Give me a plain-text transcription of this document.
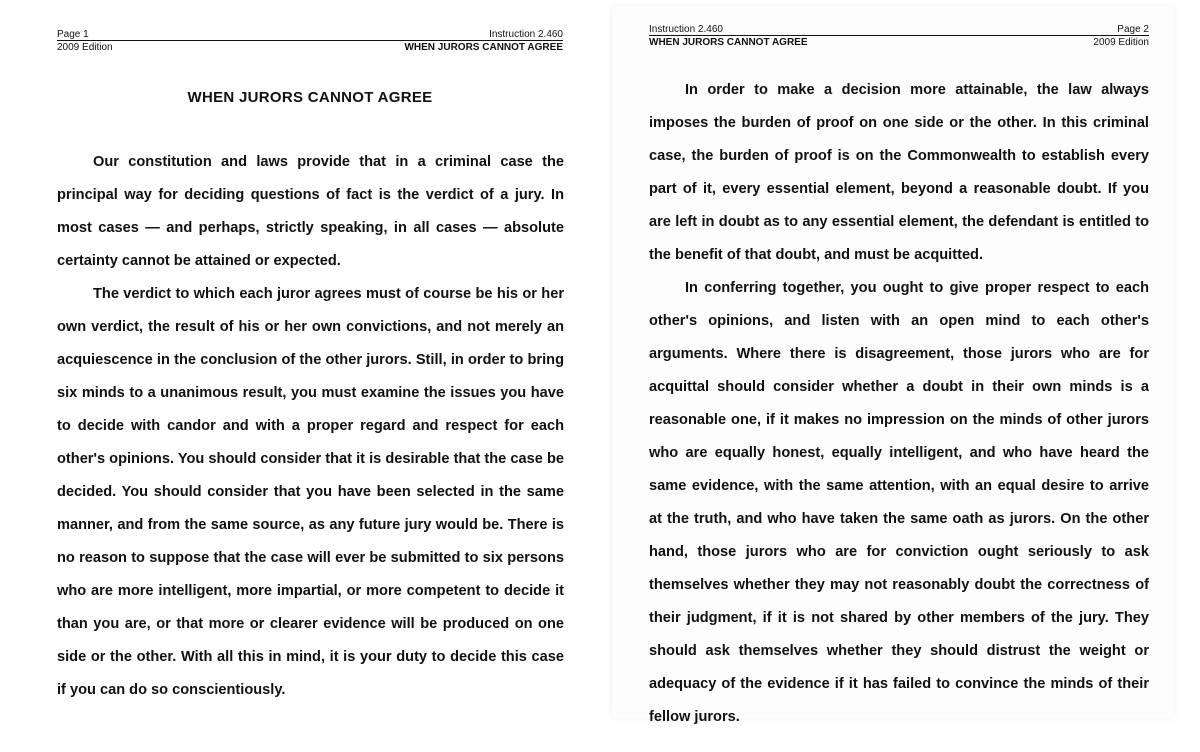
Page 1
2009 Edition
Instruction 2.460
WHEN JURORS CANNOT AGREE
WHEN JURORS CANNOT AGREE

Our constitution and laws provide that in a criminal case the principal way for deciding questions of fact is the verdict of a jury. In most cases — and perhaps, strictly speaking, in all cases — absolute certainty cannot be attained or expected.

The verdict to which each juror agrees must of course be his or her own verdict, the result of his or her own convictions, and not merely an acquiescence in the conclusion of the other jurors. Still, in order to bring six minds to a unanimous result, you must examine the issues you have to decide with candor and with a proper regard and respect for each other's opinions. You should consider that it is desirable that the case be decided. You should consider that you have been selected in the same manner, and from the same source, as any future jury would be. There is no reason to suppose that the case will ever be submitted to six persons who are more intelligent, more impartial, or more competent to decide it than you are, or that more or clearer evidence will be produced on one side or the other. With all this in mind, it is your duty to decide this case if you can do so conscientiously.

Instruction 2.460
WHEN JURORS CANNOT AGREE
Page 2
2009 Edition

In order to make a decision more attainable, the law always imposes the burden of proof on one side or the other. In this criminal case, the burden of proof is on the Commonwealth to establish every part of it, every essential element, beyond a reasonable doubt. If you are left in doubt as to any essential element, the defendant is entitled to the benefit of that doubt, and must be acquitted.

In conferring together, you ought to give proper respect to each other's opinions, and listen with an open mind to each other's arguments. Where there is disagreement, those jurors who are for acquittal should consider whether a doubt in their own minds is a reasonable one, if it makes no impression on the minds of other jurors who are equally honest, equally intelligent, and who have heard the same evidence, with the same attention, with an equal desire to arrive at the truth, and who have taken the same oath as jurors. On the other hand, those jurors who are for conviction ought seriously to ask themselves whether they may not reasonably doubt the correctness of their judgment, if it is not shared by other members of the jury. They should ask themselves whether they should distrust the weight or adequacy of the evidence if it has failed to convince the minds of their fellow jurors.
